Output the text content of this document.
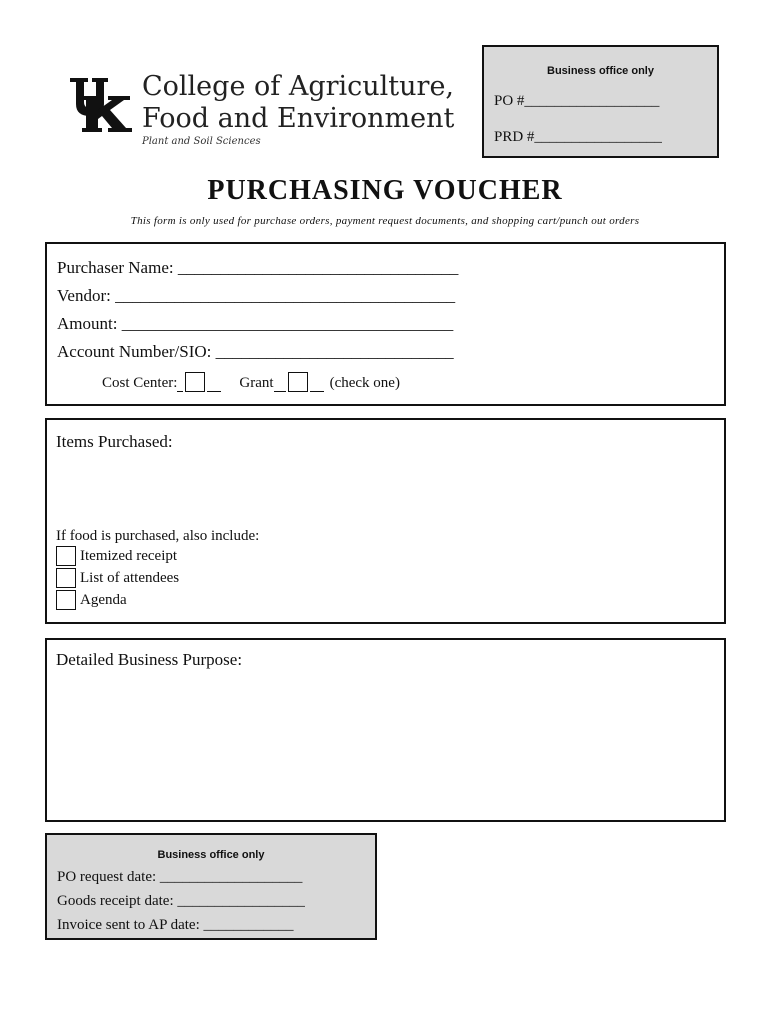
College of Agriculture,
Food and Environment
Plant and Soil Sciences
Business office only
PO #__________________
PRD #_________________
PURCHASING VOUCHER
This form is only used for purchase orders, payment request documents, and shopping cart/punch out orders
Purchaser Name: _________________________________
Vendor: ________________________________________
Amount: _______________________________________
Account Number/SIO: ____________________________
Cost Center:	Grant	(check one)
Items Purchased:
If food is purchased, also include:
Itemized receipt
List of attendees
Agenda
Detailed Business Purpose:
Business office only
PO request date: ___________________
Goods receipt date: _________________
Invoice sent to AP date: ____________
